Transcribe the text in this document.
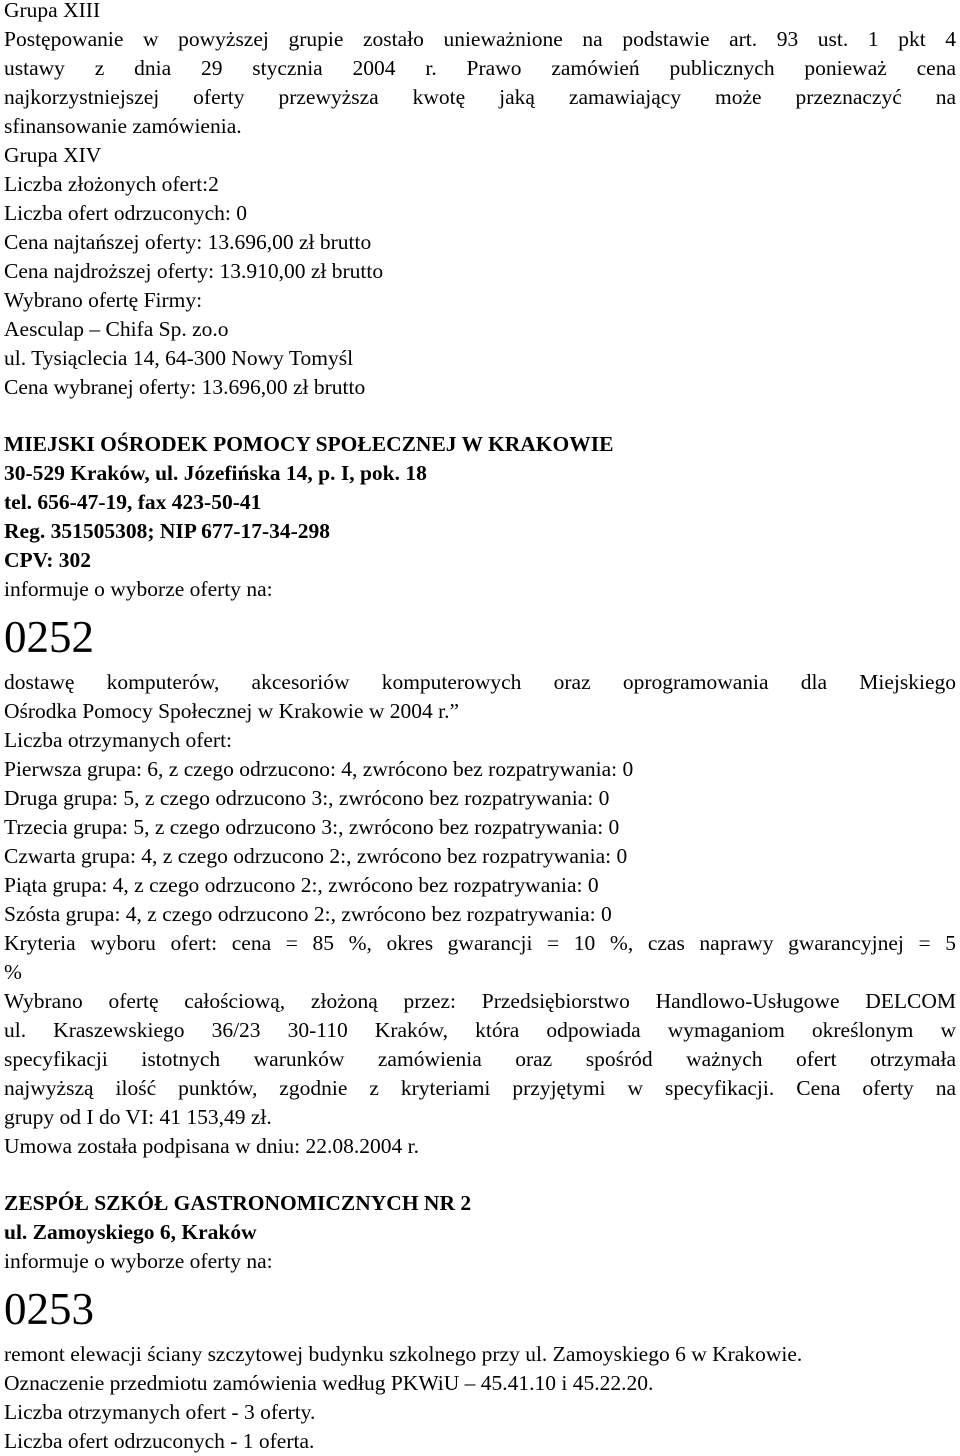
Grupa XIII
Postępowanie w powyższej grupie zostało unieważnione na podstawie art. 93 ust. 1 pkt 4
ustawy z dnia 29 stycznia 2004 r. Prawo zamówień publicznych ponieważ cena
najkorzystniejszej oferty przewyższa kwotę jaką zamawiający może przeznaczyć na
sfinansowanie zamówienia.
Grupa XIV
Liczba złożonych ofert:2
Liczba ofert odrzuconych: 0
Cena najtańszej oferty: 13.696,00 zł brutto
Cena najdroższej oferty: 13.910,00 zł brutto
Wybrano ofertę Firmy:
Aesculap – Chifa Sp. zo.o
ul. Tysiąclecia 14, 64-300 Nowy Tomyśl
Cena wybranej oferty: 13.696,00 zł brutto
MIEJSKI OŚRODEK POMOCY SPOŁECZNEJ W KRAKOWIE
30-529 Kraków, ul. Józefińska 14, p. I, pok. 18
tel. 656-47-19, fax 423-50-41
Reg. 351505308; NIP 677-17-34-298
CPV: 302
informuje o wyborze oferty na:
0252
dostawę komputerów, akcesoriów komputerowych oraz oprogramowania dla Miejskiego
Ośrodka Pomocy Społecznej w Krakowie w 2004 r.”
Liczba otrzymanych ofert:
Pierwsza grupa: 6, z czego odrzucono: 4, zwrócono bez rozpatrywania: 0
Druga grupa: 5, z czego odrzucono 3:, zwrócono bez rozpatrywania: 0
Trzecia grupa: 5, z czego odrzucono 3:, zwrócono bez rozpatrywania: 0
Czwarta grupa: 4, z czego odrzucono 2:, zwrócono bez rozpatrywania: 0
Piąta grupa: 4, z czego odrzucono 2:, zwrócono bez rozpatrywania: 0
Szósta grupa: 4, z czego odrzucono 2:, zwrócono bez rozpatrywania: 0
Kryteria wyboru ofert: cena = 85 %, okres gwarancji = 10 %, czas naprawy gwarancyjnej = 5
%
Wybrano ofertę całościową, złożoną przez: Przedsiębiorstwo Handlowo-Usługowe DELCOM
ul. Kraszewskiego 36/23 30-110 Kraków, która odpowiada wymaganiom określonym w
specyfikacji istotnych warunków zamówienia oraz spośród ważnych ofert otrzymała
najwyższą ilość punktów, zgodnie z kryteriami przyjętymi w specyfikacji. Cena oferty na
grupy od I do VI: 41 153,49 zł.
Umowa została podpisana w dniu: 22.08.2004 r.
ZESPÓŁ SZKÓŁ GASTRONOMICZNYCH NR 2
ul. Zamoyskiego 6, Kraków
informuje o wyborze oferty na:
0253
remont elewacji ściany szczytowej budynku szkolnego przy ul. Zamoyskiego 6 w Krakowie.
Oznaczenie przedmiotu zamówienia według PKWiU – 45.41.10 i 45.22.20.
Liczba otrzymanych ofert - 3 oferty.
Liczba ofert odrzuconych - 1 oferta.
